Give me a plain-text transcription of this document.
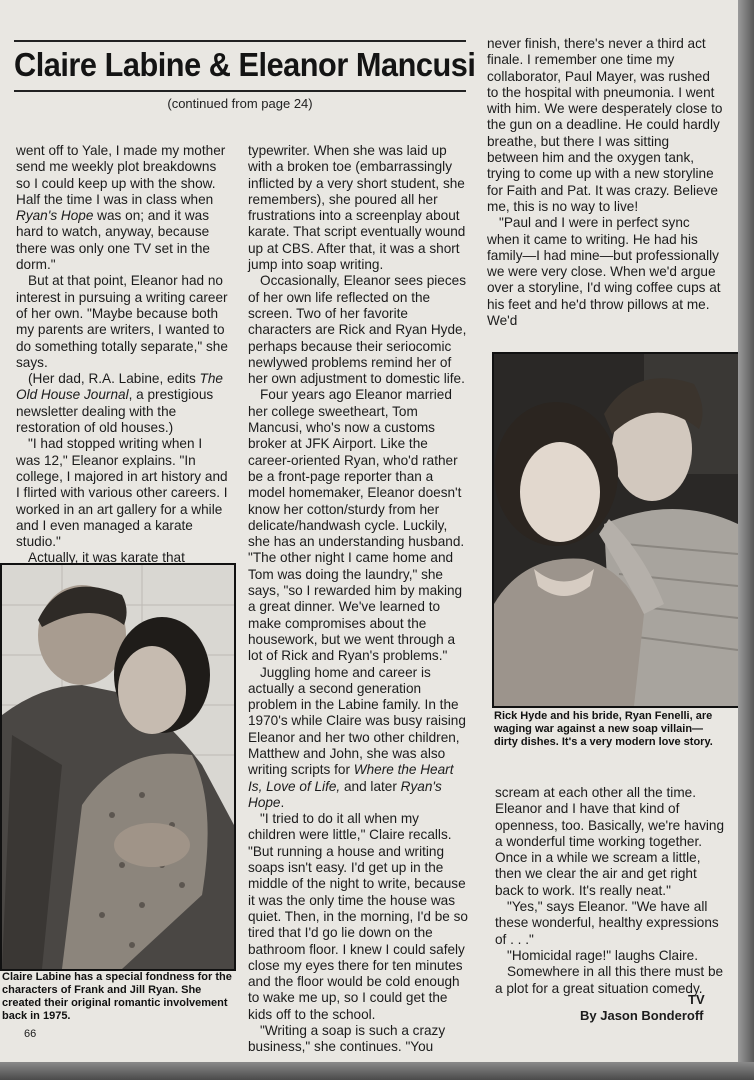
Claire Labine & Eleanor Mancusi
(continued from page 24)

went off to Yale, I made my mother send me weekly plot breakdowns so I could keep up with the show. Half the time I was in class when Ryan's Hope was on; and it was hard to watch, anyway, because there was only one TV set in the dorm."

But at that point, Eleanor had no interest in pursuing a writing career of her own. "Maybe because both my parents are writers, I wanted to do something totally separate," she says.

(Her dad, R.A. Labine, edits The Old House Journal, a prestigious newsletter dealing with the restoration of old houses.)

"I had stopped writing when I was 12," Eleanor explains. "In college, I majored in art history and I flirted with various other careers. I worked in an art gallery for a while and I even managed a karate studio."

Actually, it was karate that

Claire Labine has a special fondness for the characters of Frank and Jill Ryan. She created their original romantic involvement back in 1975.

typewriter. When she was laid up with a broken toe (embarrassingly inflicted by a very short student, she remembers), she poured all her frustrations into a screenplay about karate. That script eventually wound up at CBS. After that, it was a short jump into soap writing.

Occasionally, Eleanor sees pieces of her own life reflected on the screen. Two of her favorite characters are Rick and Ryan Hyde, perhaps because their seriocomic newlywed problems remind her of her own adjustment to domestic life.

Four years ago Eleanor married her college sweetheart, Tom Mancusi, who's now a customs broker at JFK Airport. Like the career-oriented Ryan, who'd rather be a front-page reporter than a model homemaker, Eleanor doesn't know her cotton/sturdy from her delicate/handwash cycle. Luckily, she has an understanding husband. "The other night I came home and Tom was doing the laundry," she says, "so I rewarded him by making a great dinner. We've learned to make compromises about the housework, but we went through a lot of Rick and Ryan's problems."

Juggling home and career is actually a second generation problem in the Labine family. In the 1970's while Claire was busy raising Eleanor and her two other children, Matthew and John, she was also writing scripts for Where the Heart Is, Love of Life, and later Ryan's Hope.

"I tried to do it all when my children were little," Claire recalls. "But running a house and writing soaps isn't easy. I'd get up in the middle of the night to write, because it was the only time the house was quiet. Then, in the morning, I'd be so tired that I'd go lie down on the bathroom floor. I knew I could safely close my eyes there for ten minutes and the floor would be cold enough to wake me up, so I could get the kids off to the school.

"Writing a soap is such a crazy business," she continues. "You

never finish, there's never a third act finale. I remember one time my collaborator, Paul Mayer, was rushed to the hospital with pneumonia. I went with him. We were desperately close to the gun on a deadline. He could hardly breathe, but there I was sitting between him and the oxygen tank, trying to come up with a new storyline for Faith and Pat. It was crazy. Believe me, this is no way to live!

"Paul and I were in perfect sync when it came to writing. He had his family—I had mine—but professionally we were very close. When we'd argue over a storyline, I'd wing coffee cups at his feet and he'd throw pillows at me. We'd

Rick Hyde and his bride, Ryan Fenelli, are waging war against a new soap villain—dirty dishes. It's a very modern love story.

scream at each other all the time. Eleanor and I have that kind of openness, too. Basically, we're having a wonderful time working together. Once in a while we scream a little, then we clear the air and get right back to work. It's really neat."

"Yes," says Eleanor. "We have all these wonderful, healthy expressions of . . ."

"Homicidal rage!" laughs Claire.

Somewhere in all this there must be a plot for a great situation comedy.

TV
By Jason Bonderoff
66
